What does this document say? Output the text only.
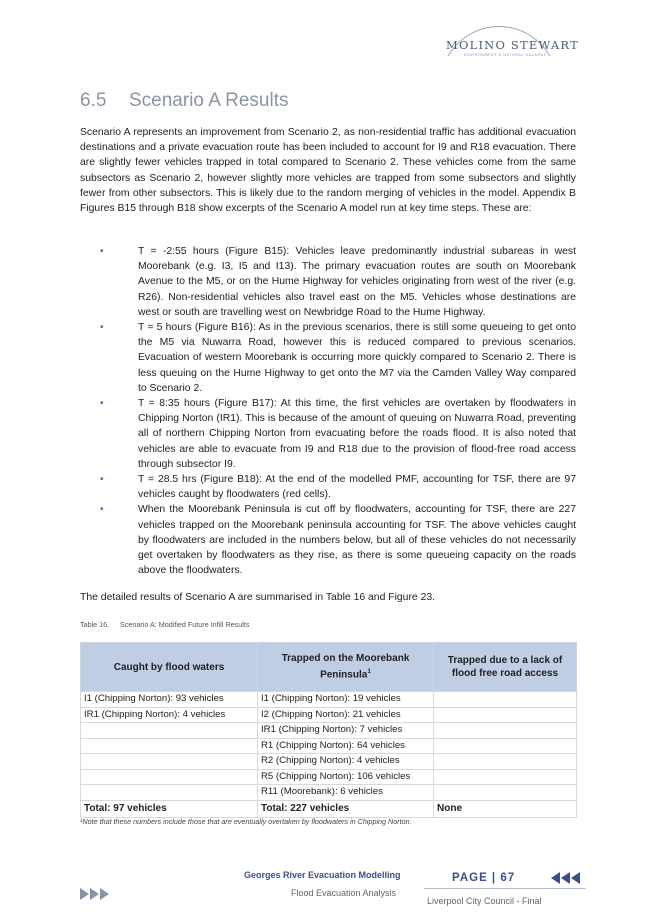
MOLINO STEWART
ENVIRONMENT & NATURAL HAZARDS
6.5 Scenario A Results
Scenario A represents an improvement from Scenario 2, as non-residential traffic has additional evacuation destinations and a private evacuation route has been included to account for I9 and R18 evacuation. There are slightly fewer vehicles trapped in total compared to Scenario 2. These vehicles come from the same subsectors as Scenario 2, however slightly more vehicles are trapped from some subsectors and slightly fewer from other subsectors. This is likely due to the random merging of vehicles in the model. Appendix B Figures B15 through B18 show excerpts of the Scenario A model run at key time steps. These are:
•	T = -2:55 hours (Figure B15): Vehicles leave predominantly industrial subareas in west Moorebank (e.g. I3, I5 and I13). The primary evacuation routes are south on Moorebank Avenue to the M5, or on the Hume Highway for vehicles originating from west of the river (e.g. R26). Non-residential vehicles also travel east on the M5. Vehicles whose destinations are west or south are travelling west on Newbridge Road to the Hume Highway.
•	T = 5 hours (Figure B16): As in the previous scenarios, there is still some queueing to get onto the M5 via Nuwarra Road, however this is reduced compared to previous scenarios. Evacuation of western Moorebank is occurring more quickly compared to Scenario 2. There is less queuing on the Hume Highway to get onto the M7 via the Camden Valley Way compared to Scenario 2.
•	T = 8:35 hours (Figure B17): At this time, the first vehicles are overtaken by floodwaters in Chipping Norton (IR1). This is because of the amount of queuing on Nuwarra Road, preventing all of northern Chipping Norton from evacuating before the roads flood. It is also noted that vehicles are able to evacuate from I9 and R18 due to the provision of flood-free road access through subsector I9.
•	T = 28.5 hrs (Figure B18): At the end of the modelled PMF, accounting for TSF, there are 97 vehicles caught by floodwaters (red cells).
•	When the Moorebank Peninsula is cut off by floodwaters, accounting for TSF, there are 227 vehicles trapped on the Moorebank peninsula accounting for TSF. The above vehicles caught by floodwaters are included in the numbers below, but all of these vehicles do not necessarily get overtaken by floodwaters as they rise, as there is some queueing capacity on the roads above the floodwaters.
The detailed results of Scenario A are summarised in Table 16 and Figure 23.
Table 16. Scenario A: Modified Future Infill Results
Caught by flood waters	Trapped on the Moorebank Peninsula$^1$	Trapped due to a lack of flood free road access
I1 (Chipping Norton): 93 vehicles	I1 (Chipping Norton): 19 vehicles	
IR1 (Chipping Norton): 4 vehicles	I2 (Chipping Norton): 21 vehicles	
	IR1 (Chipping Norton): 7 vehicles	
	R1 (Chipping Norton): 64 vehicles	
	R2 (Chipping Norton): 4 vehicles	
	R5 (Chipping Norton): 106 vehicles	
	R11 (Moorebank): 6 vehicles	
Total: 97 vehicles	Total: 227 vehicles	None
¹Note that these numbers include those that are eventually overtaken by floodwaters in Chipping Norton.
Georges River Evacuation Modelling
Flood Evacuation Analysis
PAGE | 67
Liverpool City Council - Final
